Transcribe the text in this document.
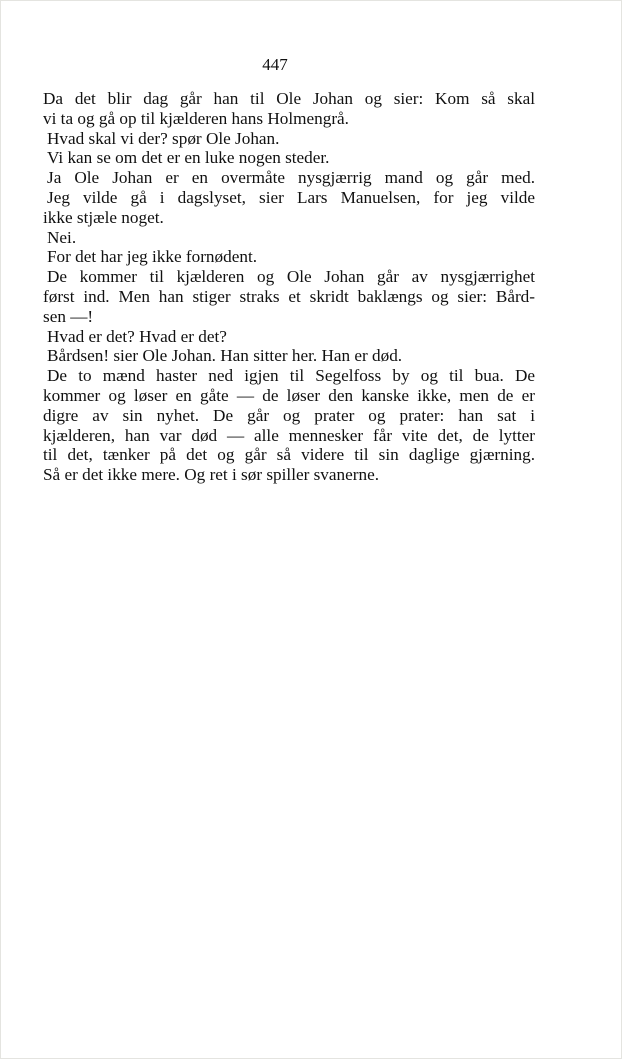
447
Da det blir dag går han til Ole Johan og sier: Kom så skal
vi ta og gå op til kjælderen hans Holmengrå.
Hvad skal vi der? spør Ole Johan.
Vi kan se om det er en luke nogen steder.
Ja Ole Johan er en overmåte nysgjærrig mand og går med.
Jeg vilde gå i dagslyset, sier Lars Manuelsen, for jeg vilde
ikke stjæle noget.
Nei.
For det har jeg ikke fornødent.
De kommer til kjælderen og Ole Johan går av nysgjærrighet
først ind. Men han stiger straks et skridt baklængs og sier: Bård-
sen —!
Hvad er det? Hvad er det?
Bårdsen! sier Ole Johan. Han sitter her. Han er død.
De to mænd haster ned igjen til Segelfoss by og til bua. De
kommer og løser en gåte — de løser den kanske ikke, men de er
digre av sin nyhet. De går og prater og prater: han sat i
kjælderen, han var død — alle mennesker får vite det, de lytter
til det, tænker på det og går så videre til sin daglige gjærning.
Så er det ikke mere. Og ret i sør spiller svanerne.
